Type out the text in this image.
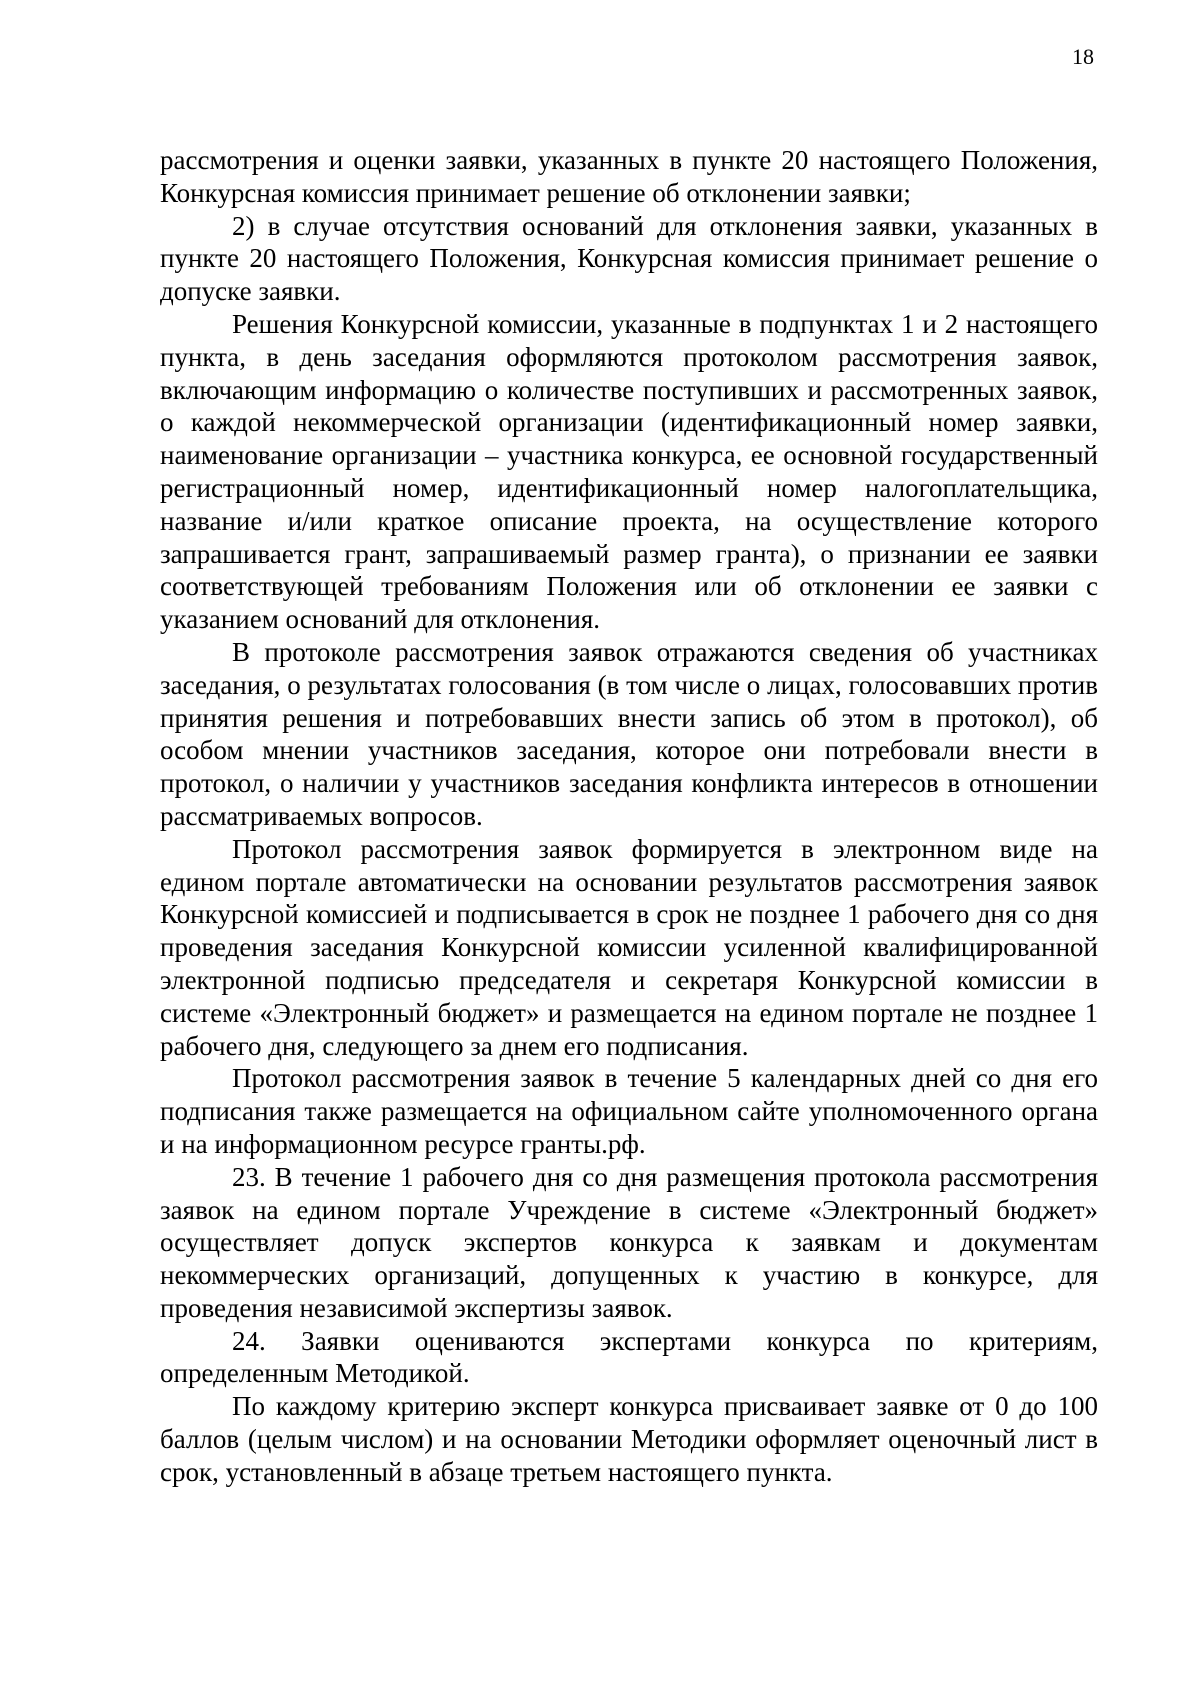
18

рассмотрения и оценки заявки, указанных в пункте 20 настоящего Положения, Конкурсная комиссия принимает решение об отклонении заявки;

2) в случае отсутствия оснований для отклонения заявки, указанных в пункте 20 настоящего Положения, Конкурсная комиссия принимает решение о допуске заявки.

Решения Конкурсной комиссии, указанные в подпунктах 1 и 2 настоящего пункта, в день заседания оформляются протоколом рассмотрения заявок, включающим информацию о количестве поступивших и рассмотренных заявок, о каждой некоммерческой организации (идентификационный номер заявки, наименование организации – участника конкурса, ее основной государственный регистрационный номер, идентификационный номер налогоплательщика, название и/или краткое описание проекта, на осуществление которого запрашивается грант, запрашиваемый размер гранта), о признании ее заявки соответствующей требованиям Положения или об отклонении ее заявки с указанием оснований для отклонения.

В протоколе рассмотрения заявок отражаются сведения об участниках заседания, о результатах голосования (в том числе о лицах, голосовавших против принятия решения и потребовавших внести запись об этом в протокол), об особом мнении участников заседания, которое они потребовали внести в протокол, о наличии у участников заседания конфликта интересов в отношении рассматриваемых вопросов.

Протокол рассмотрения заявок формируется в электронном виде на едином портале автоматически на основании результатов рассмотрения заявок Конкурсной комиссией и подписывается в срок не позднее 1 рабочего дня со дня проведения заседания Конкурсной комиссии усиленной квалифицированной электронной подписью председателя и секретаря Конкурсной комиссии в системе «Электронный бюджет» и размещается на едином портале не позднее 1 рабочего дня, следующего за днем его подписания.

Протокол рассмотрения заявок в течение 5 календарных дней со дня его подписания также размещается на официальном сайте уполномоченного органа и на информационном ресурсе гранты.рф.

23. В течение 1 рабочего дня со дня размещения протокола рассмотрения заявок на едином портале Учреждение в системе «Электронный бюджет» осуществляет допуск экспертов конкурса к заявкам и документам некоммерческих организаций, допущенных к участию в конкурсе, для проведения независимой экспертизы заявок.

24. Заявки оцениваются экспертами конкурса по критериям, определенным Методикой.

По каждому критерию эксперт конкурса присваивает заявке от 0 до 100 баллов (целым числом) и на основании Методики оформляет оценочный лист в срок, установленный в абзаце третьем настоящего пункта.
